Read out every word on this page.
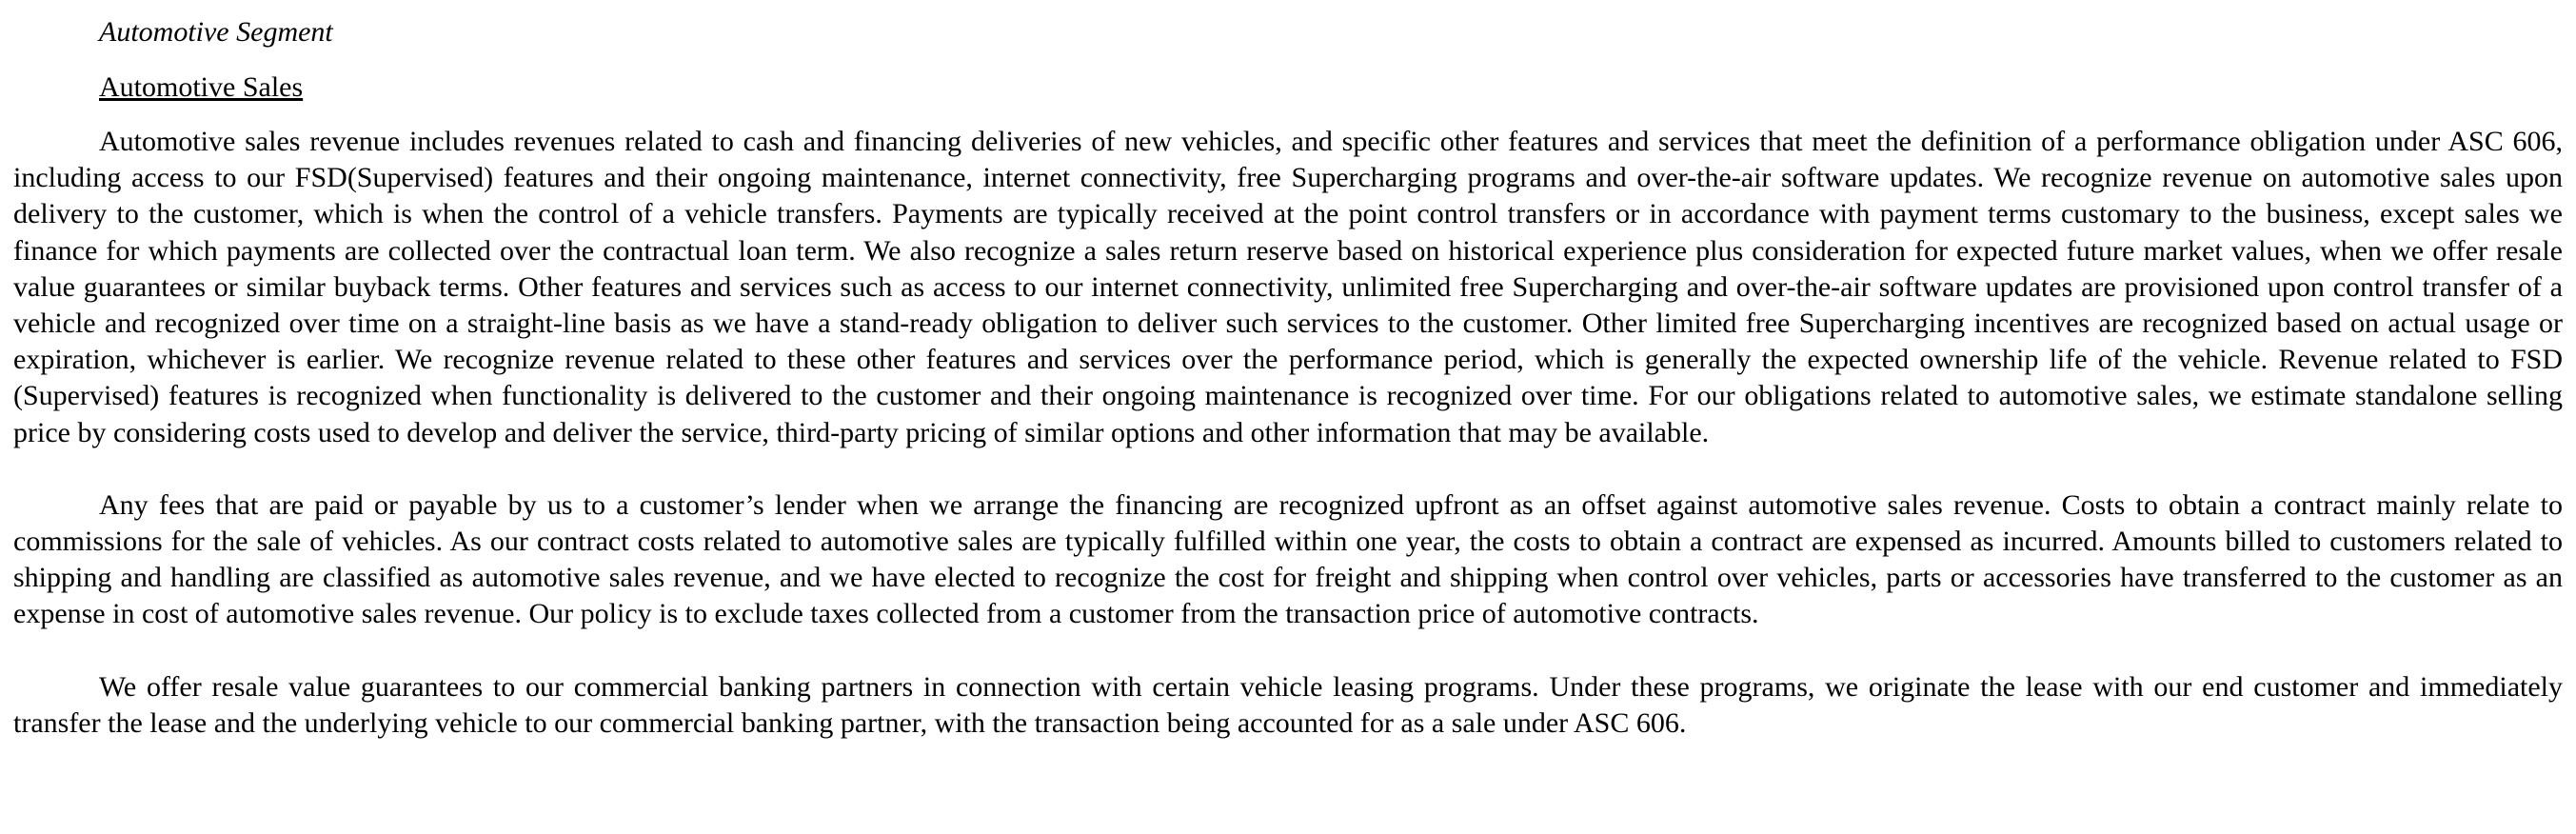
Automotive Segment
Automotive Sales

Automotive sales revenue includes revenues related to cash and financing deliveries of new vehicles, and specific other features and services that meet the definition of a performance obligation under ASC 606, including access to our FSD(Supervised) features and their ongoing maintenance, internet connectivity, free Supercharging programs and over-the-air software updates. We recognize revenue on automotive sales upon delivery to the customer, which is when the control of a vehicle transfers. Payments are typically received at the point control transfers or in accordance with payment terms customary to the business, except sales we finance for which payments are collected over the contractual loan term. We also recognize a sales return reserve based on historical experience plus consideration for expected future market values, when we offer resale value guarantees or similar buyback terms. Other features and services such as access to our internet connectivity, unlimited free Supercharging and over-the-air software updates are provisioned upon control transfer of a vehicle and recognized over time on a straight-line basis as we have a stand-ready obligation to deliver such services to the customer. Other limited free Supercharging incentives are recognized based on actual usage or expiration, whichever is earlier. We recognize revenue related to these other features and services over the performance period, which is generally the expected ownership life of the vehicle. Revenue related to FSD (Supervised) features is recognized when functionality is delivered to the customer and their ongoing maintenance is recognized over time. For our obligations related to automotive sales, we estimate standalone selling price by considering costs used to develop and deliver the service, third-party pricing of similar options and other information that may be available.

Any fees that are paid or payable by us to a customer’s lender when we arrange the financing are recognized upfront as an offset against automotive sales revenue. Costs to obtain a contract mainly relate to commissions for the sale of vehicles. As our contract costs related to automotive sales are typically fulfilled within one year, the costs to obtain a contract are expensed as incurred. Amounts billed to customers related to shipping and handling are classified as automotive sales revenue, and we have elected to recognize the cost for freight and shipping when control over vehicles, parts or accessories have transferred to the customer as an expense in cost of automotive sales revenue. Our policy is to exclude taxes collected from a customer from the transaction price of automotive contracts.

We offer resale value guarantees to our commercial banking partners in connection with certain vehicle leasing programs. Under these programs, we originate the lease with our end customer and immediately transfer the lease and the underlying vehicle to our commercial banking partner, with the transaction being accounted for as a sale under ASC 606.
